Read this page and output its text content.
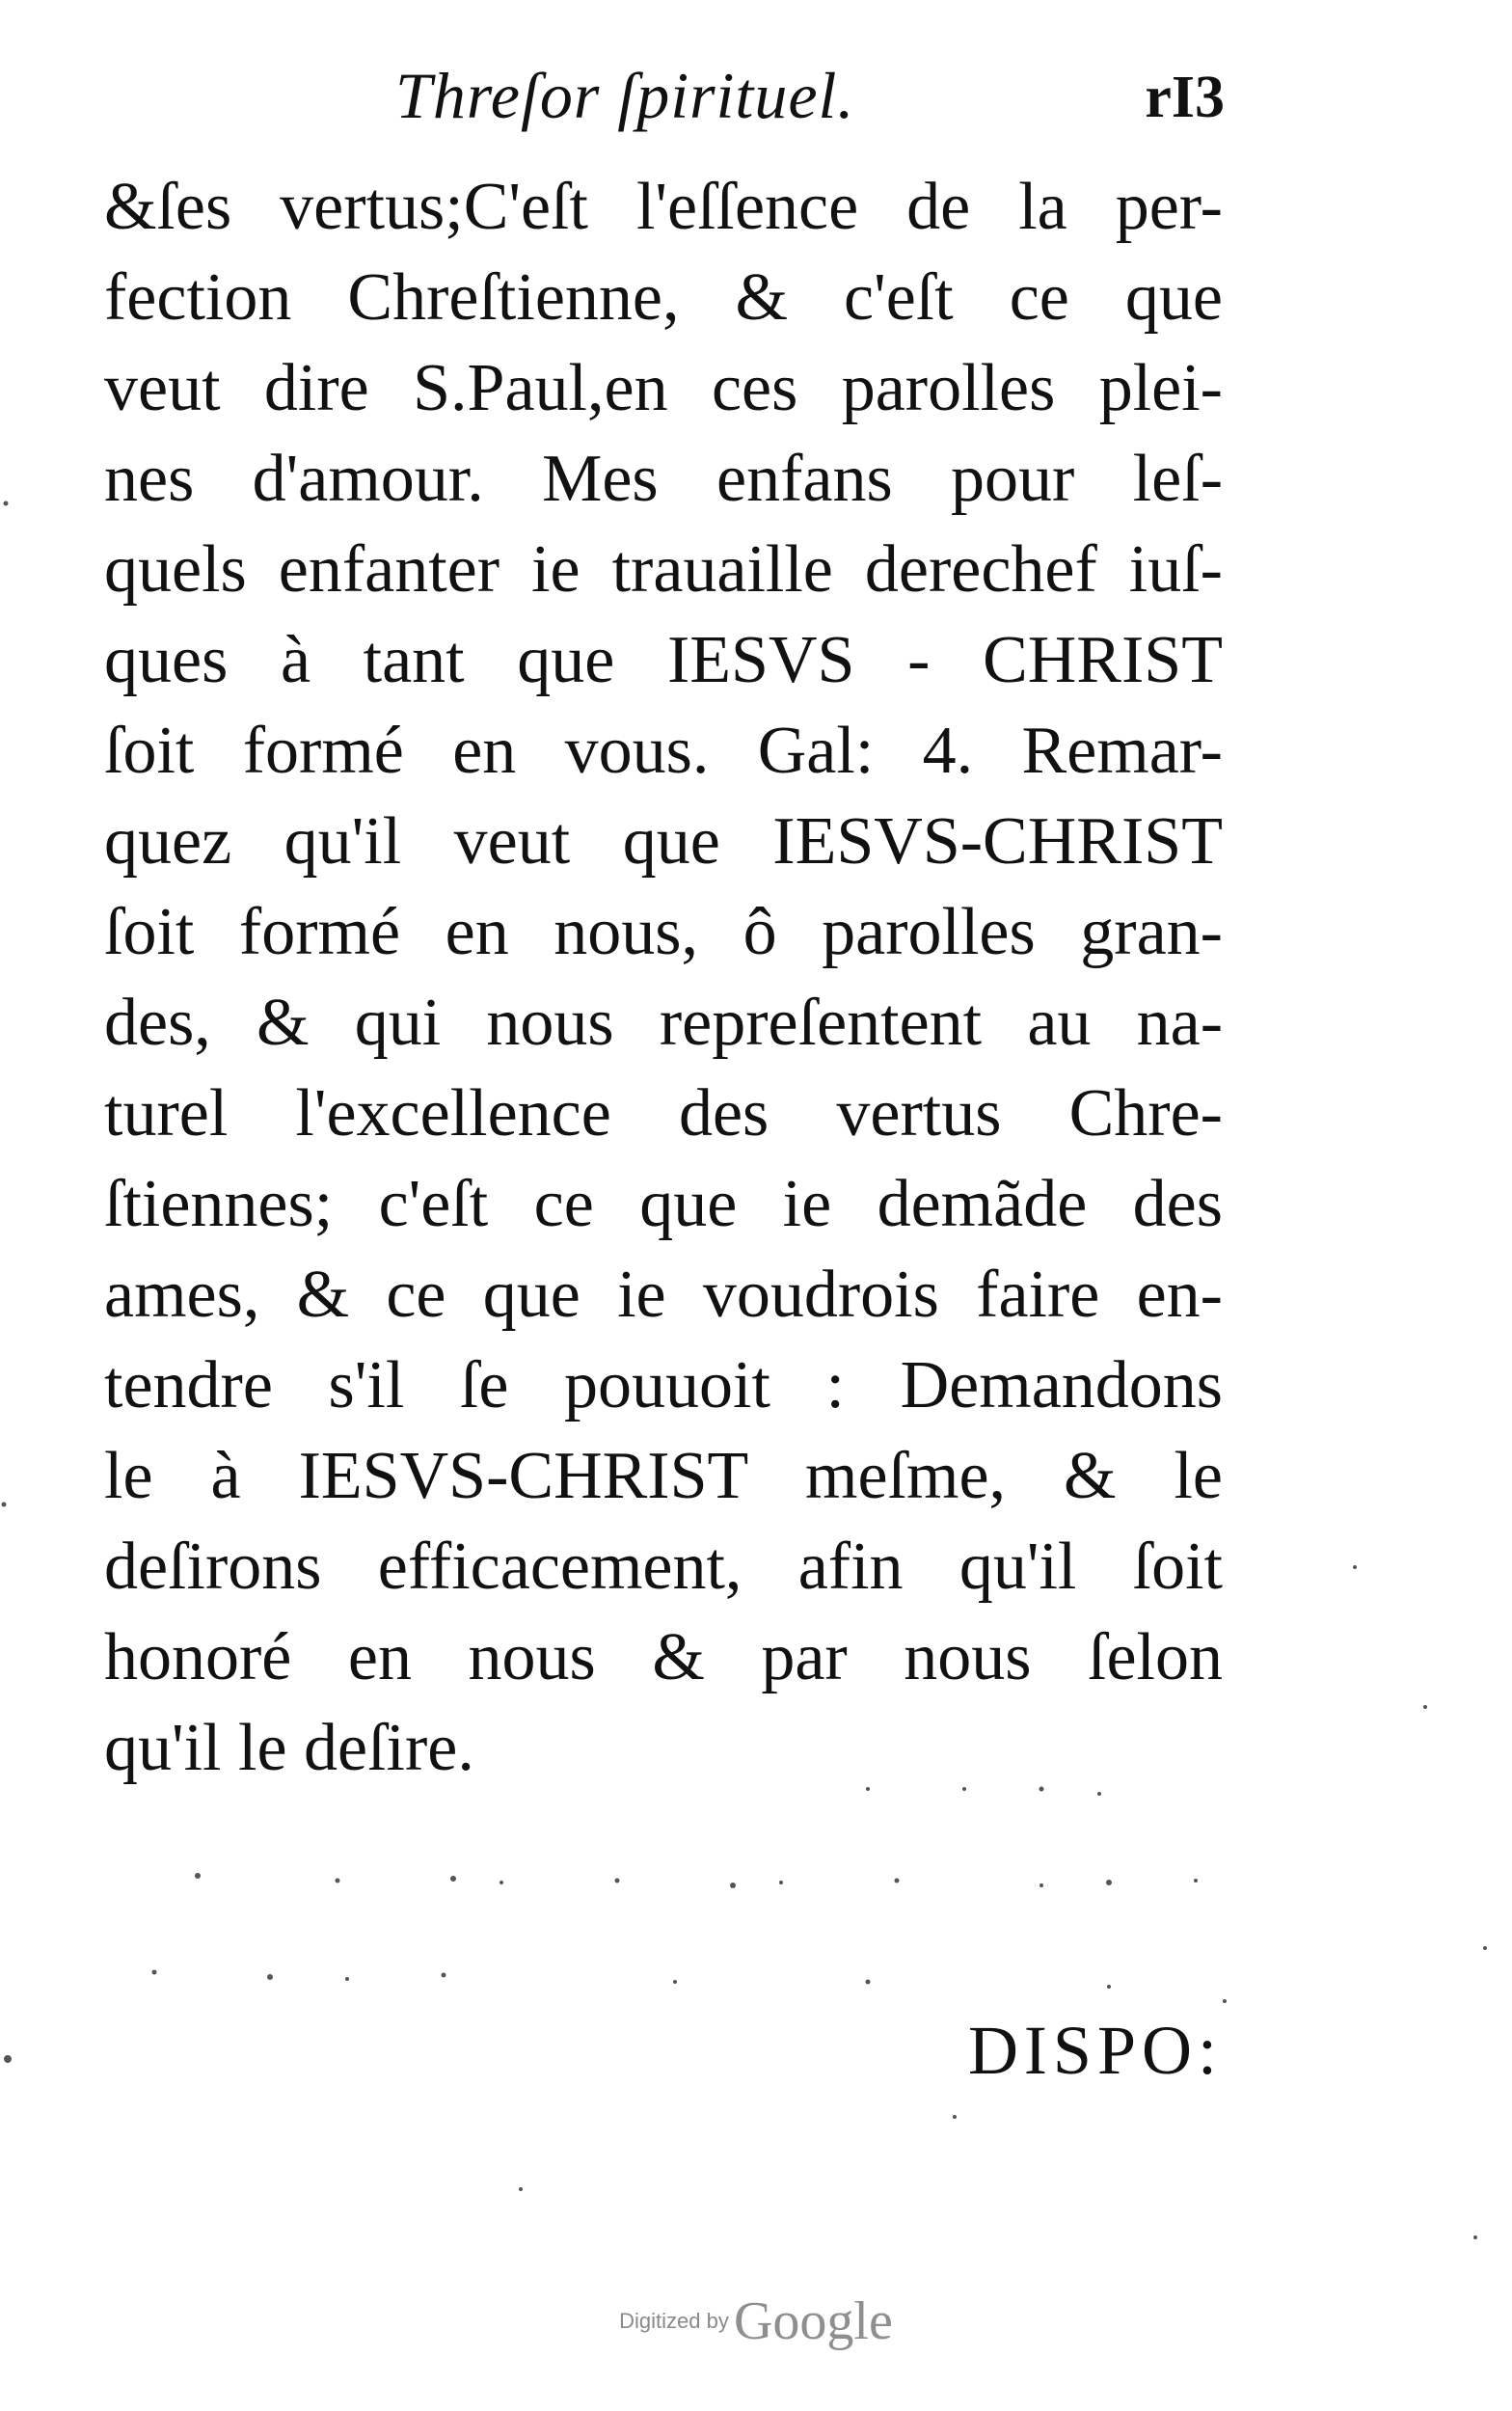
Threſor ſpirituel.	rI3
&ſes vertus;C'eſt l'eſſence de la per-
fection Chreſtienne, & c'eſt ce que
veut dire S.Paul,en ces parolles plei-
nes d'amour. Mes enfans pour leſ-
quels enfanter ie trauaille derechef iuſ-
ques à tant que IESVS - CHRIST
ſoit formé en vous. Gal: 4. Remar-
quez qu'il veut que IESVS-CHRIST
ſoit formé en nous, ô parolles gran-
des, & qui nous repreſentent au na-
turel l'excellence des vertus Chre-
ſtiennes; c'eſt ce que ie demãde des
ames, & ce que ie voudrois faire en-
tendre s'il ſe pouuoit : Demandons
le à IESVS-CHRIST meſme, & le
deſirons efficacement, afin qu'il ſoit
honoré en nous & par nous ſelon
qu'il le deſire.
DISPO:
Digitized by Google
